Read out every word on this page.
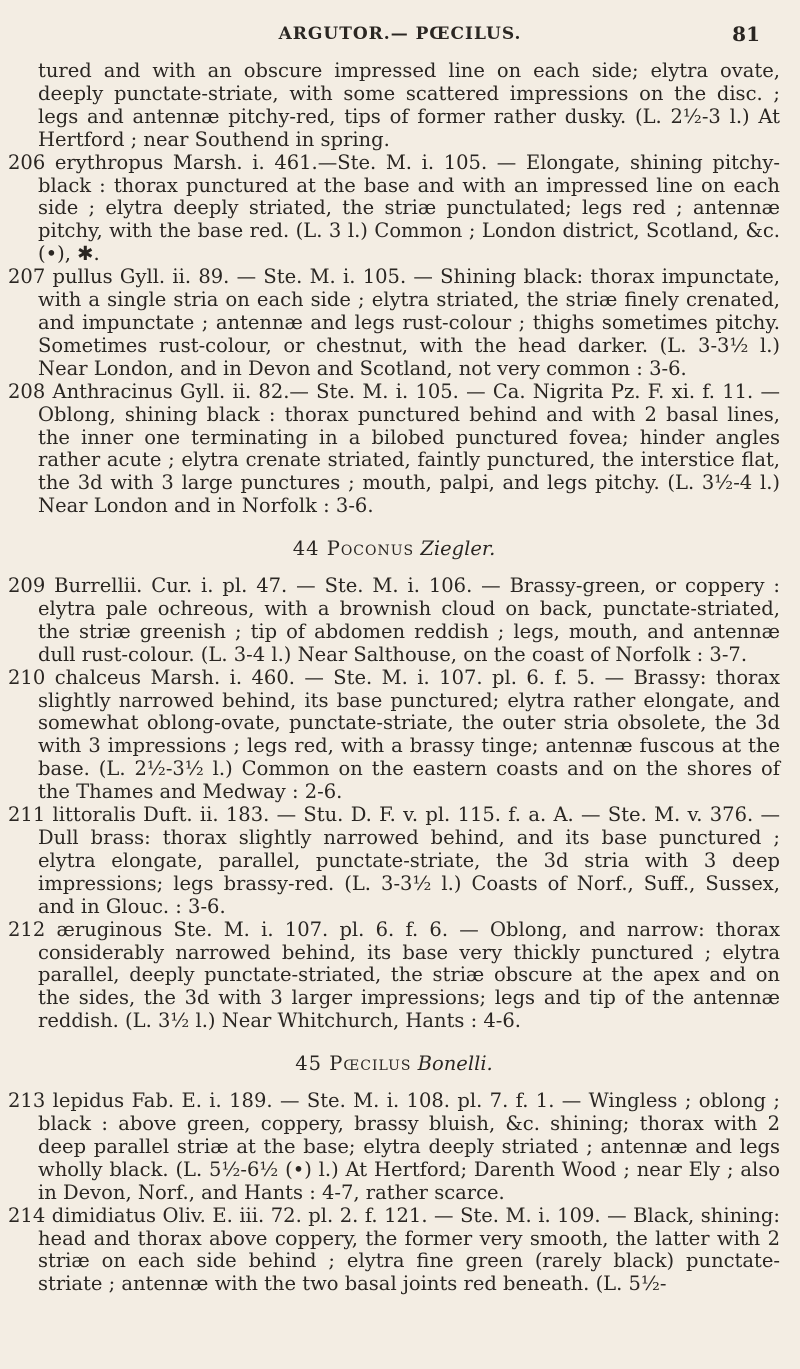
ARGUTOR.— PŒCILUS.	81

tured and with an obscure impressed line on each side; elytra ovate, deeply punctate-striate, with some scattered impressions on the disc. ; legs and antennæ pitchy-red, tips of former rather dusky. (L. 2½-3 l.) At Hertford ; near Southend in spring.

206 erythropus Marsh. i. 461.—Ste. M. i. 105. — Elongate, shining pitchy-black : thorax punctured at the base and with an impressed line on each side ; elytra deeply striated, the striæ punctulated; legs red ; antennæ pitchy, with the base red. (L. 3 l.) Common ; London district, Scotland, &c. (•), ✱.

207 pullus Gyll. ii. 89. — Ste. M. i. 105. — Shining black: thorax impunctate, with a single stria on each side ; elytra striated, the striæ finely crenated, and impunctate ; antennæ and legs rust-colour ; thighs sometimes pitchy. Sometimes rust-colour, or chestnut, with the head darker. (L. 3-3½ l.) Near London, and in Devon and Scotland, not very common : 3-6.

208 Anthracinus Gyll. ii. 82.— Ste. M. i. 105. — Ca. Nigrita Pz. F. xi. f. 11. — Oblong, shining black : thorax punctured behind and with 2 basal lines, the inner one terminating in a bilobed punctured fovea; hinder angles rather acute ; elytra crenate striated, faintly punctured, the interstice flat, the 3d with 3 large punctures ; mouth, palpi, and legs pitchy. (L. 3½-4 l.) Near London and in Norfolk : 3-6.

44 Poconus Ziegler.

209 Burrellii. Cur. i. pl. 47. — Ste. M. i. 106. — Brassy-green, or coppery : elytra pale ochreous, with a brownish cloud on back, punctate-striated, the striæ greenish ; tip of abdomen reddish ; legs, mouth, and antennæ dull rust-colour. (L. 3-4 l.) Near Salthouse, on the coast of Norfolk : 3-7.

210 chalceus Marsh. i. 460. — Ste. M. i. 107. pl. 6. f. 5. — Brassy: thorax slightly narrowed behind, its base punctured; elytra rather elongate, and somewhat oblong-ovate, punctate-striate, the outer stria obsolete, the 3d with 3 impressions ; legs red, with a brassy tinge; antennæ fuscous at the base. (L. 2½-3½ l.) Common on the eastern coasts and on the shores of the Thames and Medway : 2-6.

211 littoralis Duft. ii. 183. — Stu. D. F. v. pl. 115. f. a. A. — Ste. M. v. 376. — Dull brass: thorax slightly narrowed behind, and its base punctured ; elytra elongate, parallel, punctate-striate, the 3d stria with 3 deep impressions; legs brassy-red. (L. 3-3½ l.) Coasts of Norf., Suff., Sussex, and in Glouc. : 3-6.

212 æruginous Ste. M. i. 107. pl. 6. f. 6. — Oblong, and narrow: thorax considerably narrowed behind, its base very thickly punctured ; elytra parallel, deeply punctate-striated, the striæ obscure at the apex and on the sides, the 3d with 3 larger impressions; legs and tip of the antennæ reddish. (L. 3½ l.) Near Whitchurch, Hants : 4-6.

45 Pœcilus Bonelli.

213 lepidus Fab. E. i. 189. — Ste. M. i. 108. pl. 7. f. 1. — Wingless ; oblong ; black : above green, coppery, brassy bluish, &c. shining; thorax with 2 deep parallel striæ at the base; elytra deeply striated ; antennæ and legs wholly black. (L. 5½-6½ (•) l.) At Hertford; Darenth Wood ; near Ely ; also in Devon, Norf., and Hants : 4-7, rather scarce.

214 dimidiatus Oliv. E. iii. 72. pl. 2. f. 121. — Ste. M. i. 109. — Black, shining: head and thorax above coppery, the former very smooth, the latter with 2 striæ on each side behind ; elytra fine green (rarely black) punctate-striate ; antennæ with the two basal joints red beneath. (L. 5½-
